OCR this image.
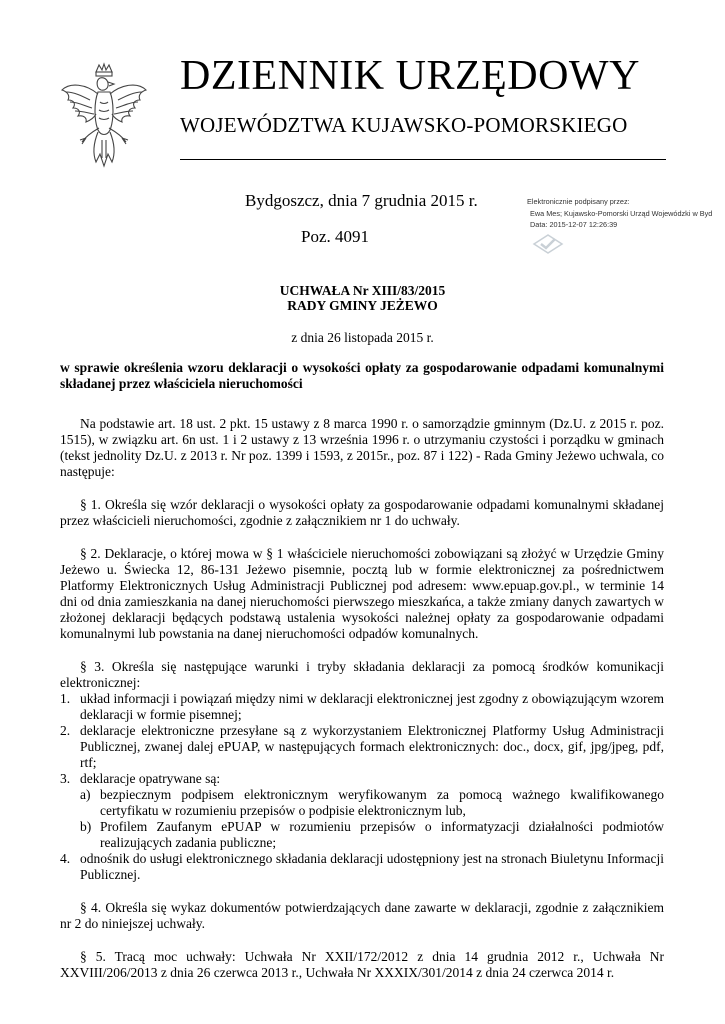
DZIENNIK URZĘDOWY
WOJEWÓDZTWA KUJAWSKO-POMORSKIEGO
Bydgoszcz, dnia 7 grudnia 2015 r.
Poz. 4091
Elektronicznie podpisany przez:
Ewa Mes; Kujawsko-Pomorski Urząd Wojewódzki w Byd
Data: 2015-12-07 12:26:39
UCHWAŁA Nr XIII/83/2015
RADY GMINY JEŻEWO
z dnia 26 listopada 2015 r.
w sprawie określenia wzoru deklaracji o wysokości opłaty za gospodarowanie odpadami komunalnymi składanej przez właściciela nieruchomości

Na podstawie art. 18 ust. 2 pkt. 15 ustawy z 8 marca 1990 r. o samorządzie gminnym (Dz.U. z 2015 r. poz. 1515), w związku art. 6n ust. 1 i 2 ustawy z 13 września 1996 r. o utrzymaniu czystości i porządku w gminach (tekst jednolity Dz.U. z 2013 r. Nr poz. 1399 i 1593, z 2015r., poz. 87 i 122) - Rada Gminy Jeżewo uchwala, co następuje:

§ 1. Określa się wzór deklaracji o wysokości opłaty za gospodarowanie odpadami komunalnymi składanej przez właścicieli nieruchomości, zgodnie z załącznikiem nr 1 do uchwały.

§ 2. Deklaracje, o której mowa w § 1 właściciele nieruchomości zobowiązani są złożyć w Urzędzie Gminy Jeżewo u. Świecka 12, 86-131 Jeżewo pisemnie, pocztą lub w formie elektronicznej za pośrednictwem Platformy Elektronicznych Usług Administracji Publicznej pod adresem: www.epuap.gov.pl., w terminie 14 dni od dnia zamieszkania na danej nieruchomości pierwszego mieszkańca, a także zmiany danych zawartych w złożonej deklaracji będących podstawą ustalenia wysokości należnej opłaty za gospodarowanie odpadami komunalnymi lub powstania na danej nieruchomości odpadów komunalnych.

§ 3. Określa się następujące warunki i tryby składania deklaracji za pomocą środków komunikacji elektronicznej:

1. układ informacji i powiązań między nimi w deklaracji elektronicznej jest zgodny z obowiązującym wzorem deklaracji w formie pisemnej;
2. deklaracje elektroniczne przesyłane są z wykorzystaniem Elektronicznej Platformy Usług Administracji Publicznej, zwanej dalej ePUAP, w następujących formach elektronicznych: doc., docx, gif, jpg/jpeg, pdf, rtf;
3. deklaracje opatrywane są:
a) bezpiecznym podpisem elektronicznym weryfikowanym za pomocą ważnego kwalifikowanego certyfikatu w rozumieniu przepisów o podpisie elektronicznym lub,
b) Profilem Zaufanym ePUAP w rozumieniu przepisów o informatyzacji działalności podmiotów realizujących zadania publiczne;
4. odnośnik do usługi elektronicznego składania deklaracji udostępniony jest na stronach Biuletynu Informacji Publicznej.

§ 4. Określa się wykaz dokumentów potwierdzających dane zawarte w deklaracji, zgodnie z załącznikiem nr 2 do niniejszej uchwały.

§ 5. Tracą moc uchwały: Uchwała Nr XXII/172/2012 z dnia 14 grudnia 2012 r., Uchwała Nr XXVIII/206/2013 z dnia 26 czerwca 2013 r., Uchwała Nr XXXIX/301/2014 z dnia 24 czerwca 2014 r.
